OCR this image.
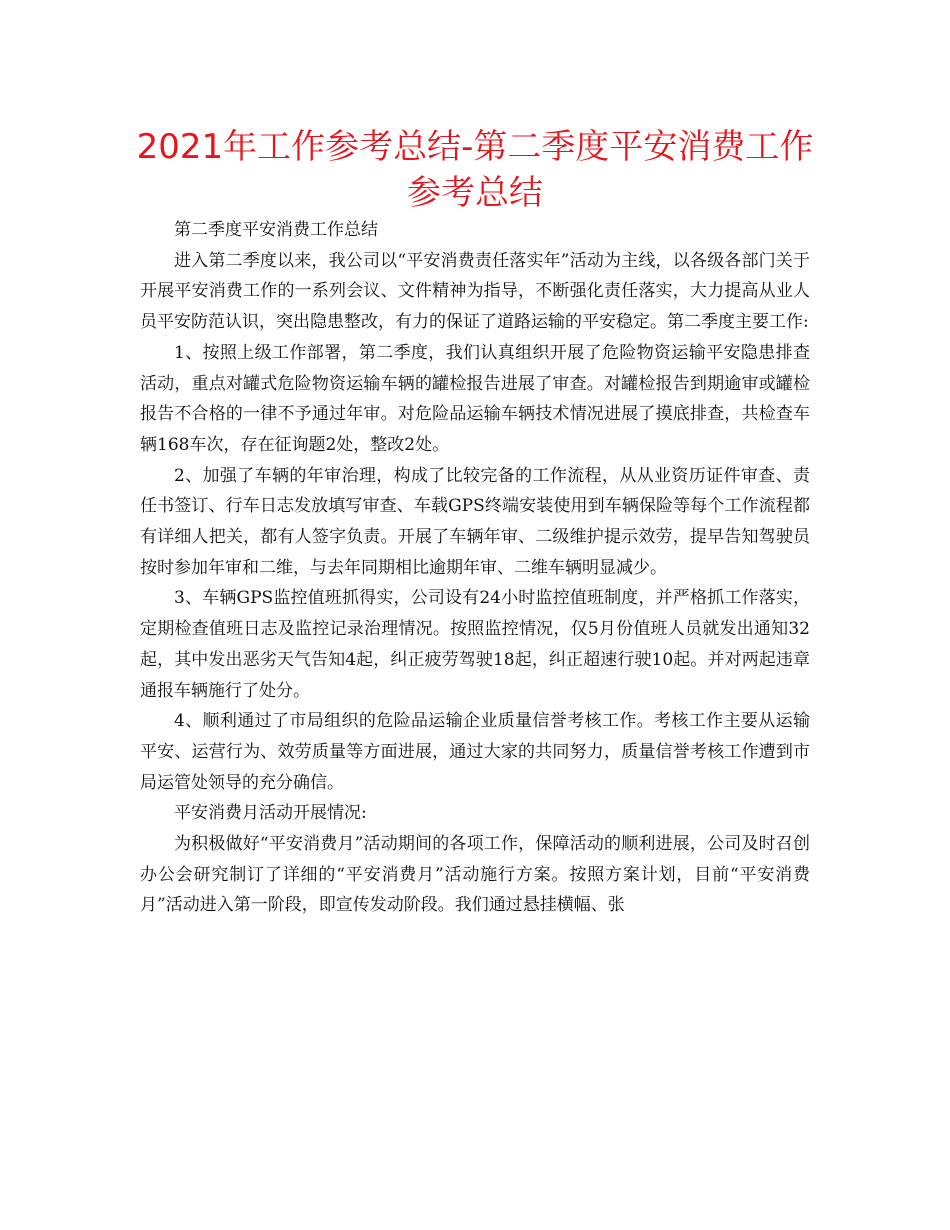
2021年工作参考总结-第二季度平安消费工作参考总结

第二季度平安消费工作总结

进入第二季度以来，我公司以“平安消费责任落实年”活动为主线，以各级各部门关于开展平安消费工作的一系列会议、文件精神为指导，不断强化责任落实，大力提高从业人员平安防范认识，突出隐患整改，有力的保证了道路运输的平安稳定。第二季度主要工作:

1、按照上级工作部署，第二季度，我们认真组织开展了危险物资运输平安隐患排查活动，重点对罐式危险物资运输车辆的罐检报告进展了审查。对罐检报告到期逾审或罐检报告不合格的一律不予通过年审。对危险品运输车辆技术情况进展了摸底排查，共检查车辆168车次，存在征询题2处，整改2处。

2、加强了车辆的年审治理，构成了比较完备的工作流程，从从业资历证件审查、责任书签订、行车日志发放填写审查、车载GPS终端安装使用到车辆保险等每个工作流程都有详细人把关，都有人签字负责。开展了车辆年审、二级维护提示效劳，提早告知驾驶员按时参加年审和二维，与去年同期相比逾期年审、二维车辆明显减少。

3、车辆GPS监控值班抓得实，公司设有24小时监控值班制度，并严格抓工作落实，定期检查值班日志及监控记录治理情况。按照监控情况，仅5月份值班人员就发出通知32起，其中发出恶劣天气告知4起，纠正疲劳驾驶18起，纠正超速行驶10起。并对两起违章通报车辆施行了处分。

4、顺利通过了市局组织的危险品运输企业质量信誉考核工作。考核工作主要从运输平安、运营行为、效劳质量等方面进展，通过大家的共同努力，质量信誉考核工作遭到市局运管处领导的充分确信。

平安消费月活动开展情况:

为积极做好“平安消费月”活动期间的各项工作，保障活动的顺利进展，公司及时召创办公会研究制订了详细的“平安消费月”活动施行方案。按照方案计划，目前“平安消费月”活动进入第一阶段，即宣传发动阶段。我们通过悬挂横幅、张
